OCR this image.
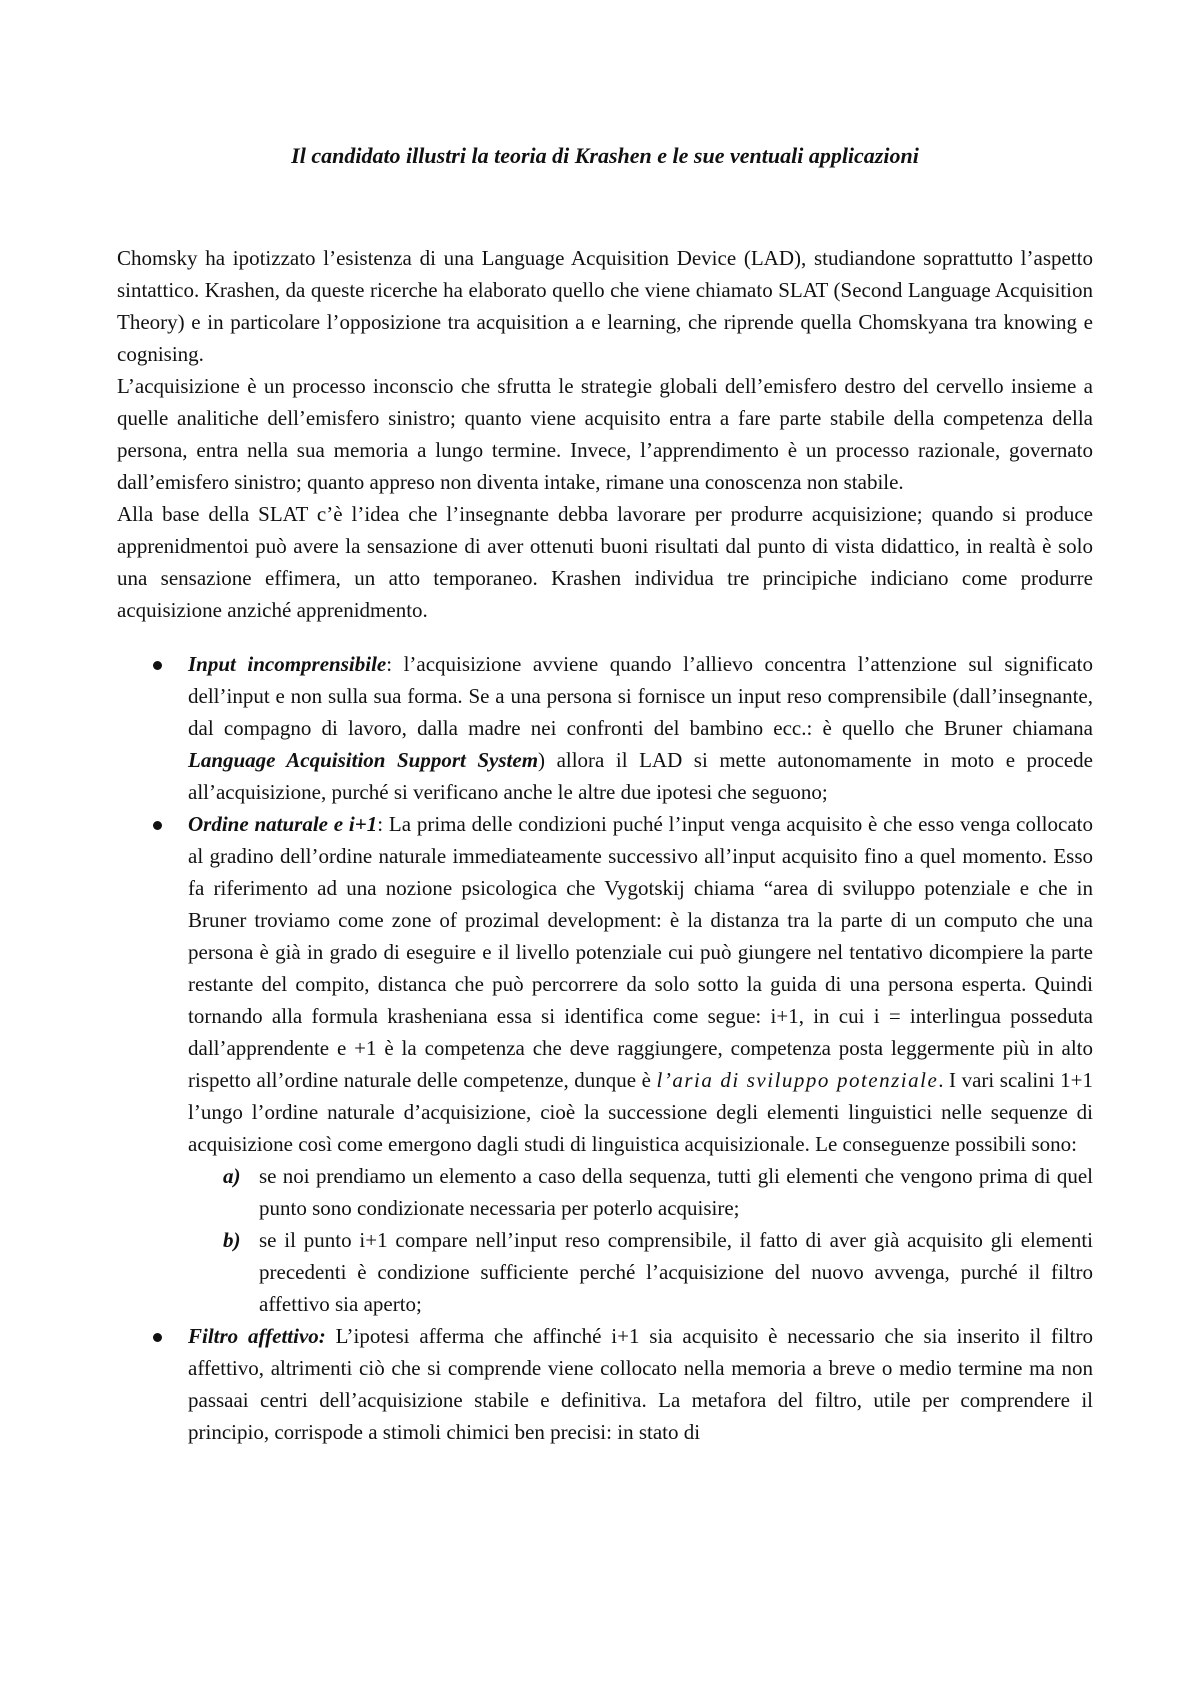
Il candidato illustri la teoria di Krashen e le sue ventuali applicazioni

Chomsky ha ipotizzato l’esistenza di una Language Acquisition Device (LAD), studiandone soprattutto l’aspetto sintattico. Krashen, da queste ricerche ha elaborato quello che viene chiamato SLAT (Second Language Acquisition Theory) e in particolare l’opposizione tra acquisition a e learning, che riprende quella Chomskyana tra knowing e cognising.

L’acquisizione è un processo inconscio che sfrutta le strategie globali dell’emisfero destro del cervello insieme a quelle analitiche dell’emisfero sinistro; quanto viene acquisito entra a fare parte stabile della competenza della persona, entra nella sua memoria a lungo termine. Invece, l’apprendimento è un processo razionale, governato dall’emisfero sinistro; quanto appreso non diventa intake, rimane una conoscenza non stabile.

Alla base della SLAT c’è l’idea che l’insegnante debba lavorare per produrre acquisizione; quando si produce apprenidmentoi può avere la sensazione di aver ottenuti buoni risultati dal punto di vista didattico, in realtà è solo una sensazione effimera, un atto temporaneo. Krashen individua tre principiche indiciano come produrre acquisizione anziché apprenidmento.

Input incomprensibile: l’acquisizione avviene quando l’allievo concentra l’attenzione sul significato dell’input e non sulla sua forma. Se a una persona si fornisce un input reso comprensibile (dall’insegnante, dal compagno di lavoro, dalla madre nei confronti del bambino ecc.: è quello che Bruner chiamana Language Acquisition Support System) allora il LAD si mette autonomamente in moto e procede all’acquisizione, purché si verificano anche le altre due ipotesi che seguono;
Ordine naturale e i+1: La prima delle condizioni puché l’input venga acquisito è che esso venga collocato al gradino dell’ordine naturale immediateamente successivo all’input acquisito fino a quel momento. Esso fa riferimento ad una nozione psicologica che Vygotskij chiama “area di sviluppo potenziale e che in Bruner troviamo come zone of prozimal development: è la distanza tra la parte di un computo che una persona è già in grado di eseguire e il livello potenziale cui può giungere nel tentativo dicompiere la parte restante del compito, distanca che può percorrere da solo sotto la guida di una persona esperta. Quindi tornando alla formula krasheniana essa si identifica come segue: i+1, in cui i = interlingua posseduta dall’apprendente e +1 è la competenza che deve raggiungere, competenza posta leggermente più in alto rispetto all’ordine naturale delle competenze, dunque è l’aria di sviluppo potenziale. I vari scalini 1+1 l’ungo l’ordine naturale d’acquisizione, cioè la successione degli elementi linguistici nelle sequenze di acquisizione così come emergono dagli studi di linguistica acquisizionale. Le conseguenze possibili sono:
a) se noi prendiamo un elemento a caso della sequenza, tutti gli elementi che vengono prima di quel punto sono condizionate necessaria per poterlo acquisire;
b) se il punto i+1 compare nell’input reso comprensibile, il fatto di aver già acquisito gli elementi precedenti è condizione sufficiente perché l’acquisizione del nuovo avvenga, purché il filtro affettivo sia aperto;
Filtro affettivo: L’ipotesi afferma che affinché i+1 sia acquisito è necessario che sia inserito il filtro affettivo, altrimenti ciò che si comprende viene collocato nella memoria a breve o medio termine ma non passaai centri dell’acquisizione stabile e definitiva. La metafora del filtro, utile per comprendere il principio, corrispode a stimoli chimici ben precisi: in stato di
